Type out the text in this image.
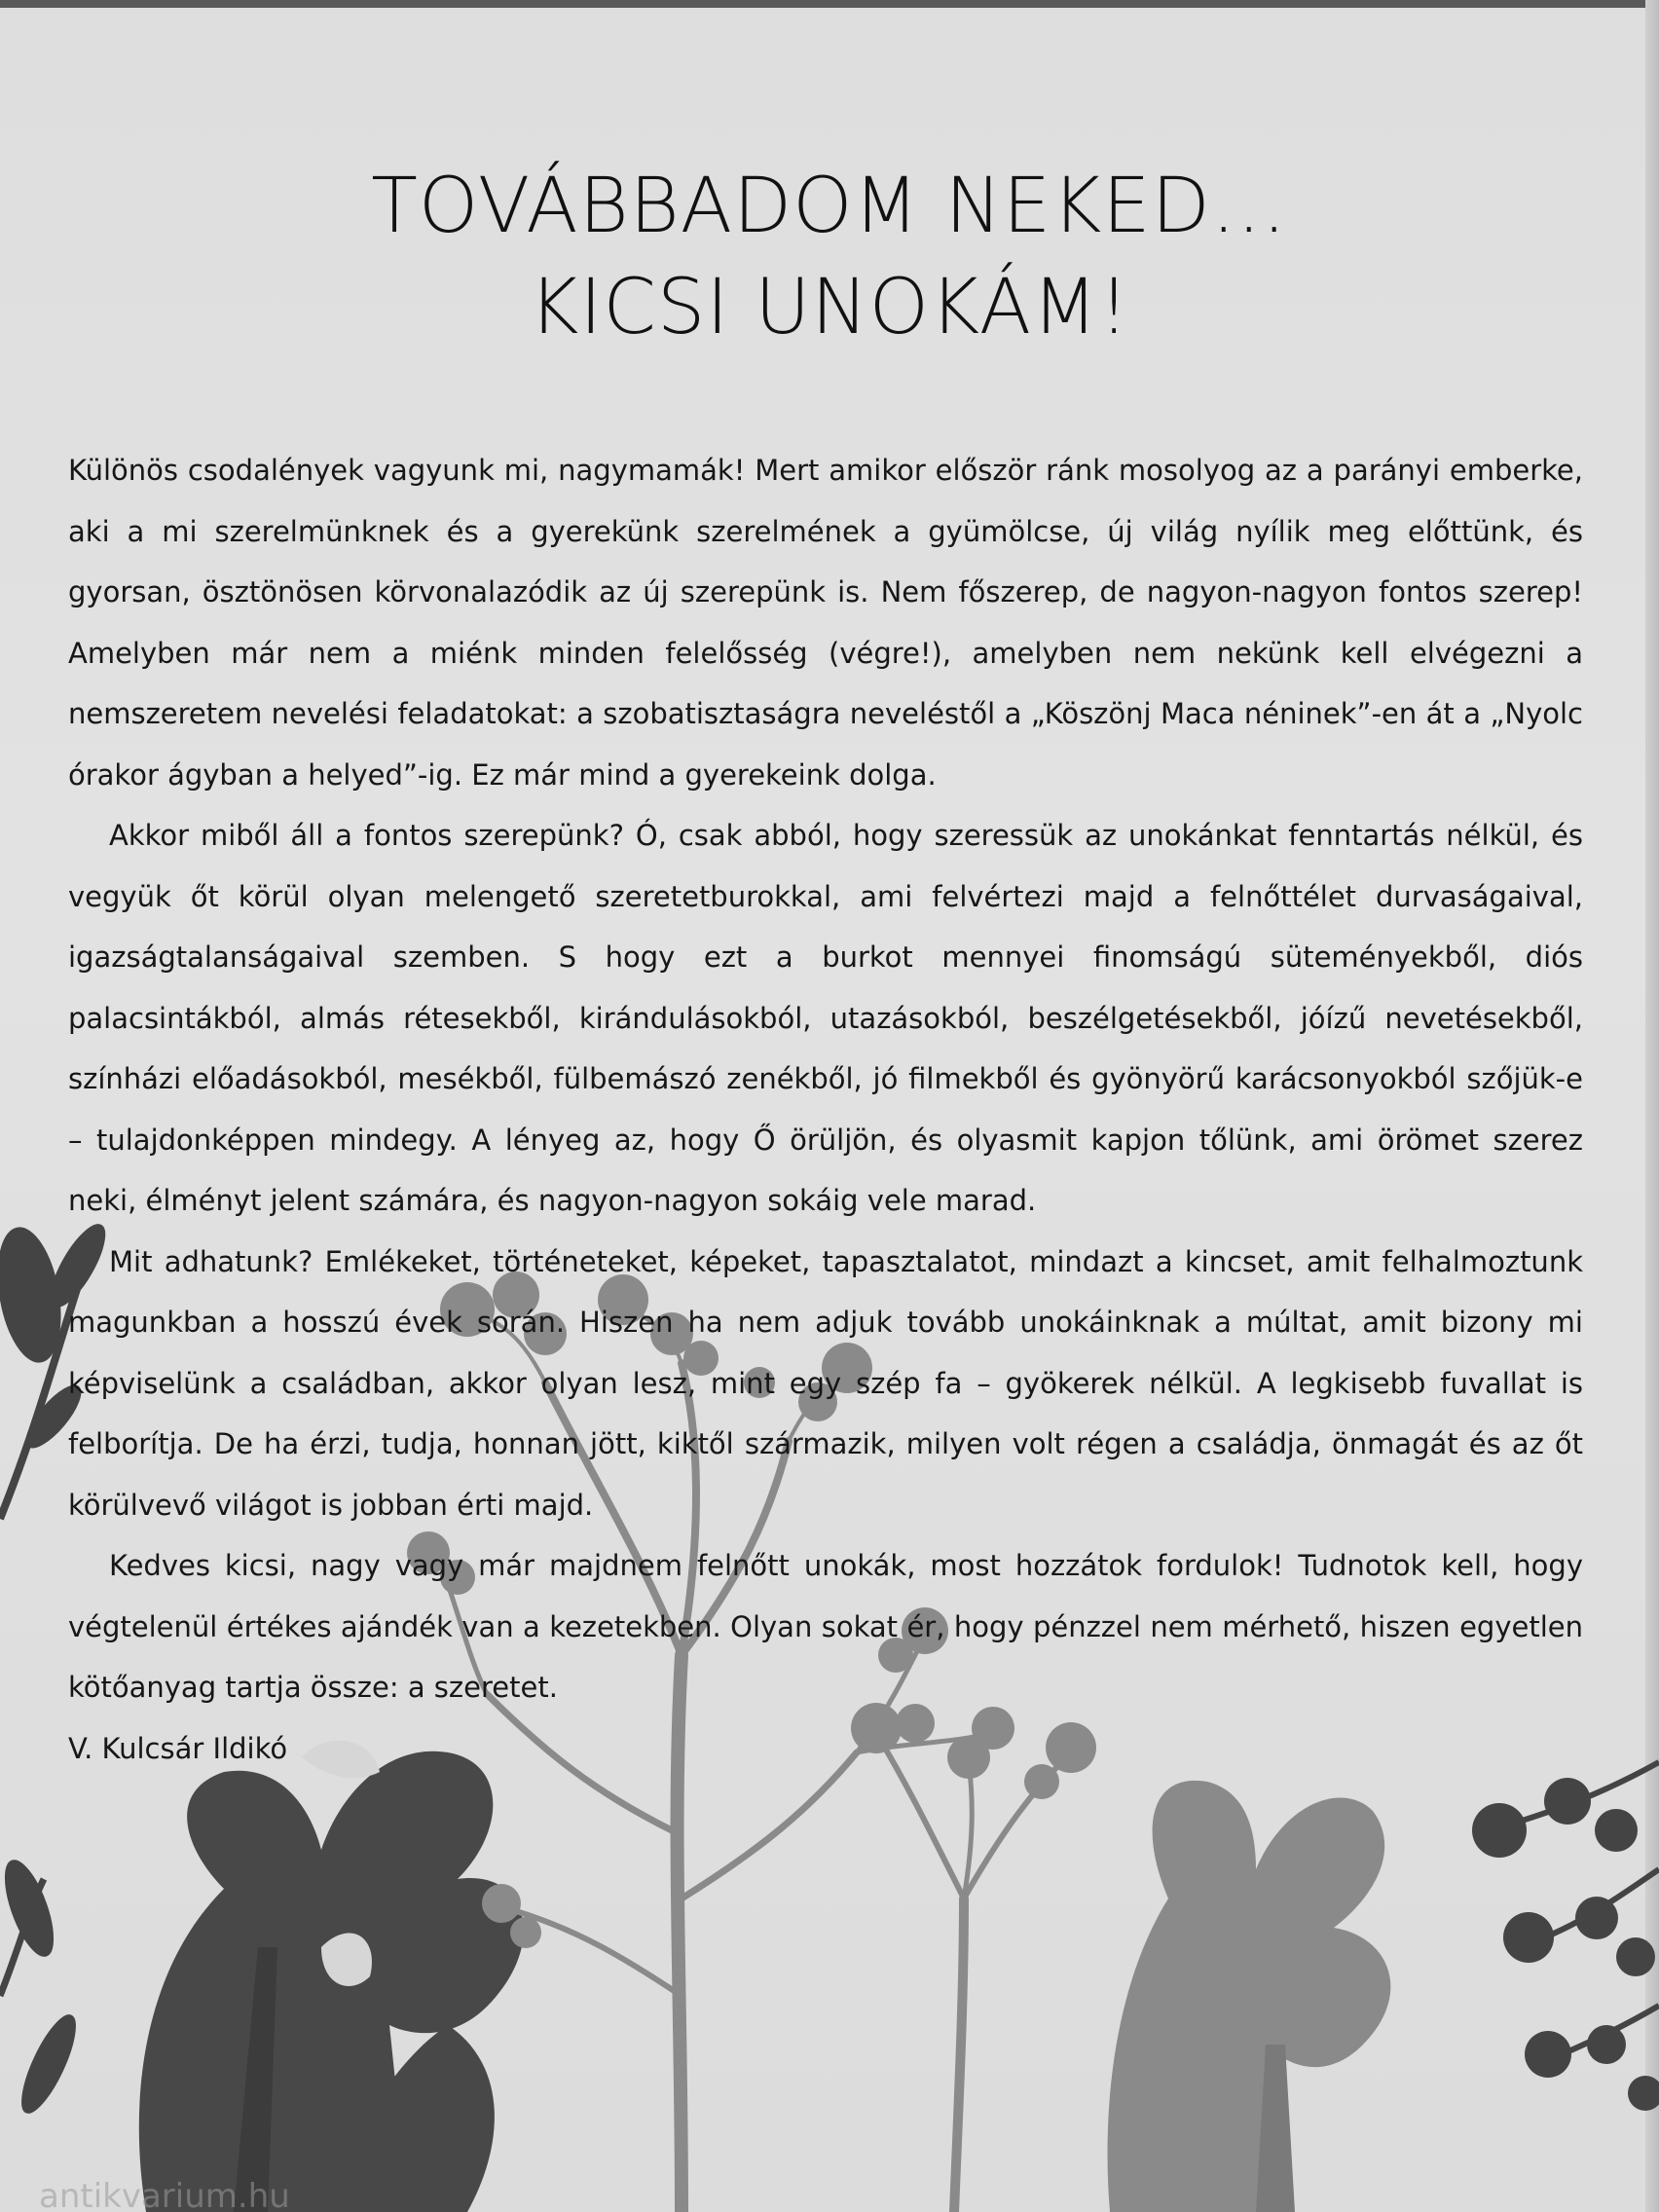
TOVÁBBADOM NEKED…
KICSI UNOKÁM!

Különös csodalények vagyunk mi, nagymamák! Mert amikor először ránk mosolyog az a parányi emberke, aki a mi szerelmünknek és a gyerekünk szerelmének a gyümölcse, új világ nyílik meg előttünk, és gyorsan, ösztönösen körvonalazódik az új szerepünk is. Nem főszerep, de nagyon-nagyon fontos szerep! Amelyben már nem a miénk minden felelősség (végre!), amelyben nem nekünk kell elvégezni a nemszeretem nevelési feladatokat: a szobatisztaságra neveléstől a „Köszönj Maca néninek”-en át a „Nyolc órakor ágyban a helyed”-ig. Ez már mind a gyerekeink dolga.

Akkor miből áll a fontos szerepünk? Ó, csak abból, hogy szeressük az unokánkat fenntartás nélkül, és vegyük őt körül olyan melengető szeretetburokkal, ami felvértezi majd a felnőttélet durvaságaival, igazságtalanságaival szemben. S hogy ezt a burkot mennyei finomságú süteményekből, diós palacsintákból, almás rétesekből, kirándulásokból, utazásokból, beszélgetésekből, jóízű nevetésekből, színházi előadásokból, mesékből, fülbemászó zenékből, jó filmekből és gyönyörű karácsonyokból szőjük-e – tulajdonképpen mindegy. A lényeg az, hogy Ő örüljön, és olyasmit kapjon tőlünk, ami örömet szerez neki, élményt jelent számára, és nagyon-nagyon sokáig vele marad.

Mit adhatunk? Emlékeket, történeteket, képeket, tapasztalatot, mindazt a kincset, amit felhalmoztunk magunkban a hosszú évek során. Hiszen ha nem adjuk tovább unokáinknak a múltat, amit bizony mi képviselünk a családban, akkor olyan lesz, mint egy szép fa – gyökerek nélkül. A legkisebb fuvallat is felborítja. De ha érzi, tudja, honnan jött, kiktől származik, milyen volt régen a családja, önmagát és az őt körülvevő világot is jobban érti majd.

Kedves kicsi, nagy vagy már majdnem felnőtt unokák, most hozzátok fordulok! Tudnotok kell, hogy végtelenül értékes ajándék van a kezetekben. Olyan sokat ér, hogy pénzzel nem mérhető, hiszen egyetlen kötőanyag tartja össze: a szeretet.

V. Kulcsár Ildikó

antikvarium.hu
